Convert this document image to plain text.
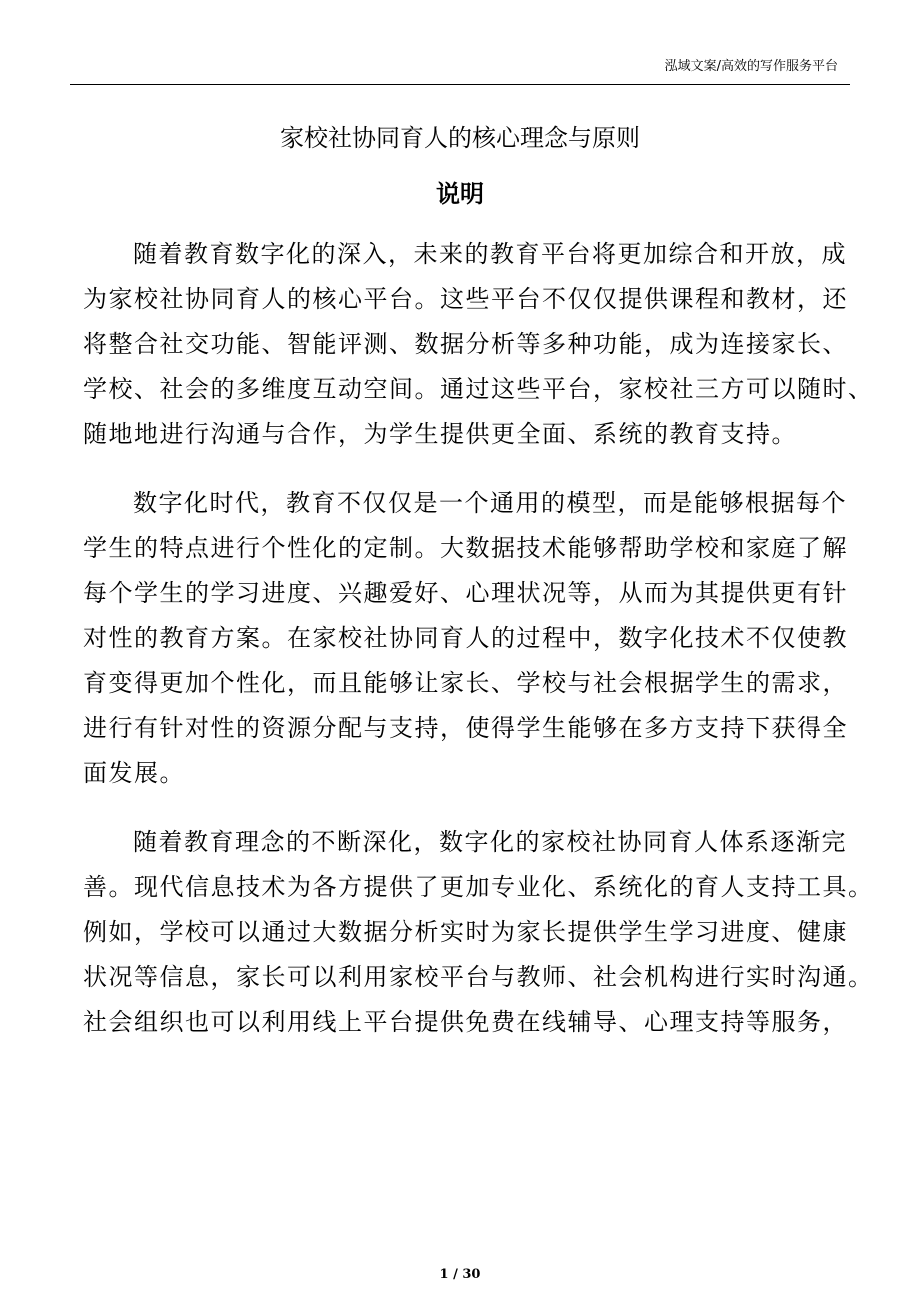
泓域文案/高效的写作服务平台
家校社协同育人的核心理念与原则
说明

随着教育数字化的深入，未来的教育平台将更加综合和开放，成
为家校社协同育人的核心平台。这些平台不仅仅提供课程和教材，还
将整合社交功能、智能评测、数据分析等多种功能，成为连接家长、
学校、社会的多维度互动空间。通过这些平台，家校社三方可以随时、
随地地进行沟通与合作，为学生提供更全面、系统的教育支持。

数字化时代，教育不仅仅是一个通用的模型，而是能够根据每个
学生的特点进行个性化的定制。大数据技术能够帮助学校和家庭了解
每个学生的学习进度、兴趣爱好、心理状况等，从而为其提供更有针
对性的教育方案。在家校社协同育人的过程中，数字化技术不仅使教
育变得更加个性化，而且能够让家长、学校与社会根据学生的需求，
进行有针对性的资源分配与支持，使得学生能够在多方支持下获得全
面发展。

随着教育理念的不断深化，数字化的家校社协同育人体系逐渐完
善。现代信息技术为各方提供了更加专业化、系统化的育人支持工具。
例如，学校可以通过大数据分析实时为家长提供学生学习进度、健康
状况等信息，家长可以利用家校平台与教师、社会机构进行实时沟通。
社会组织也可以利用线上平台提供免费在线辅导、心理支持等服务，

1 / 30
